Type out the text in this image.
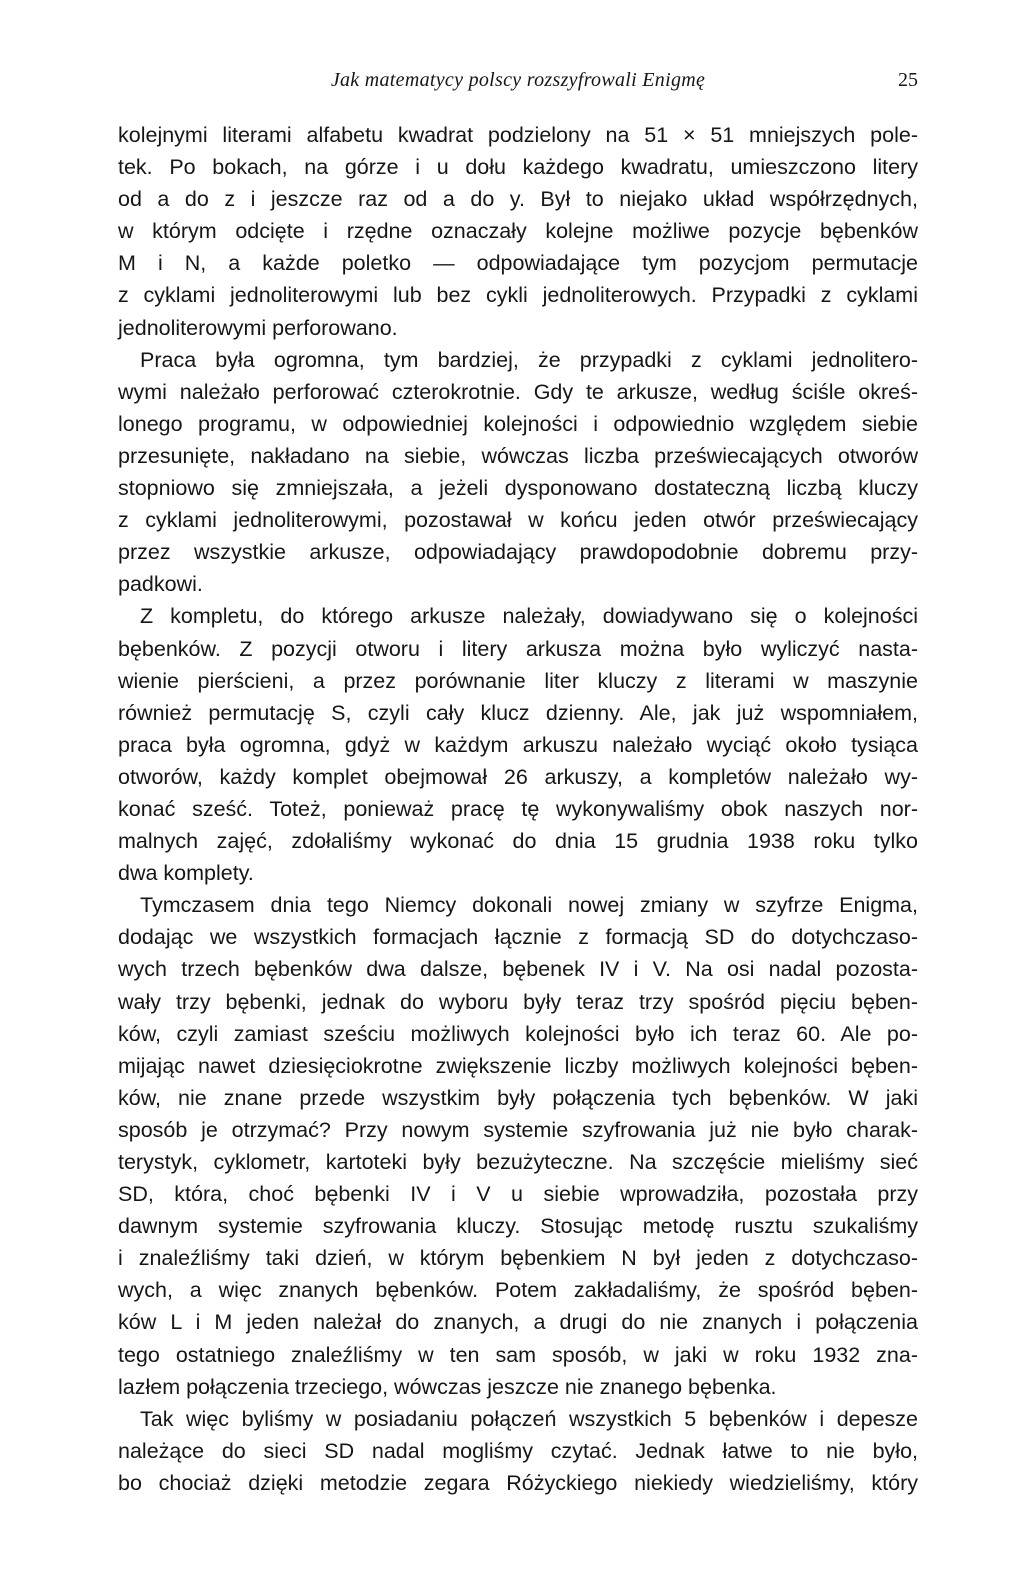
Jak matematycy polscy rozszyfrowali Enigmę	25
kolejnymi literami alfabetu kwadrat podzielony na 51 × 51 mniejszych pole-
tek. Po bokach, na górze i u dołu każdego kwadratu, umieszczono litery
od a do z i jeszcze raz od a do y. Był to niejako układ współrzędnych,
w którym odcięte i rzędne oznaczały kolejne możliwe pozycje bębenków
M i N, a każde poletko — odpowiadające tym pozycjom permutacje
z cyklami jednoliterowymi lub bez cykli jednoliterowych. Przypadki z cyklami
jednoliterowymi perforowano.
Praca była ogromna, tym bardziej, że przypadki z cyklami jednolitero-
wymi należało perforować czterokrotnie. Gdy te arkusze, według ściśle okreś-
lonego programu, w odpowiedniej kolejności i odpowiednio względem siebie
przesunięte, nakładano na siebie, wówczas liczba przeświecających otworów
stopniowo się zmniejszała, a jeżeli dysponowano dostateczną liczbą kluczy
z cyklami jednoliterowymi, pozostawał w końcu jeden otwór przeświecający
przez wszystkie arkusze, odpowiadający prawdopodobnie dobremu przy-
padkowi.
Z kompletu, do którego arkusze należały, dowiadywano się o kolejności
bębenków. Z pozycji otworu i litery arkusza można było wyliczyć nasta-
wienie pierścieni, a przez porównanie liter kluczy z literami w maszynie
również permutację S, czyli cały klucz dzienny. Ale, jak już wspomniałem,
praca była ogromna, gdyż w każdym arkuszu należało wyciąć około tysiąca
otworów, każdy komplet obejmował 26 arkuszy, a kompletów należało wy-
konać sześć. Toteż, ponieważ pracę tę wykonywaliśmy obok naszych nor-
malnych zajęć, zdołaliśmy wykonać do dnia 15 grudnia 1938 roku tylko
dwa komplety.
Tymczasem dnia tego Niemcy dokonali nowej zmiany w szyfrze Enigma,
dodając we wszystkich formacjach łącznie z formacją SD do dotychczaso-
wych trzech bębenków dwa dalsze, bębenek IV i V. Na osi nadal pozosta-
wały trzy bębenki, jednak do wyboru były teraz trzy spośród pięciu bęben-
ków, czyli zamiast sześciu możliwych kolejności było ich teraz 60. Ale po-
mijając nawet dziesięciokrotne zwiększenie liczby możliwych kolejności bęben-
ków, nie znane przede wszystkim były połączenia tych bębenków. W jaki
sposób je otrzymać? Przy nowym systemie szyfrowania już nie było charak-
terystyk, cyklometr, kartoteki były bezużyteczne. Na szczęście mieliśmy sieć
SD, która, choć bębenki IV i V u siebie wprowadziła, pozostała przy
dawnym systemie szyfrowania kluczy. Stosując metodę rusztu szukaliśmy
i znaleźliśmy taki dzień, w którym bębenkiem N był jeden z dotychczaso-
wych, a więc znanych bębenków. Potem zakładaliśmy, że spośród bęben-
ków L i M jeden należał do znanych, a drugi do nie znanych i połączenia
tego ostatniego znaleźliśmy w ten sam sposób, w jaki w roku 1932 zna-
lazłem połączenia trzeciego, wówczas jeszcze nie znanego bębenka.
Tak więc byliśmy w posiadaniu połączeń wszystkich 5 bębenków i depesze
należące do sieci SD nadal mogliśmy czytać. Jednak łatwe to nie było,
bo chociaż dzięki metodzie zegara Różyckiego niekiedy wiedzieliśmy, który
